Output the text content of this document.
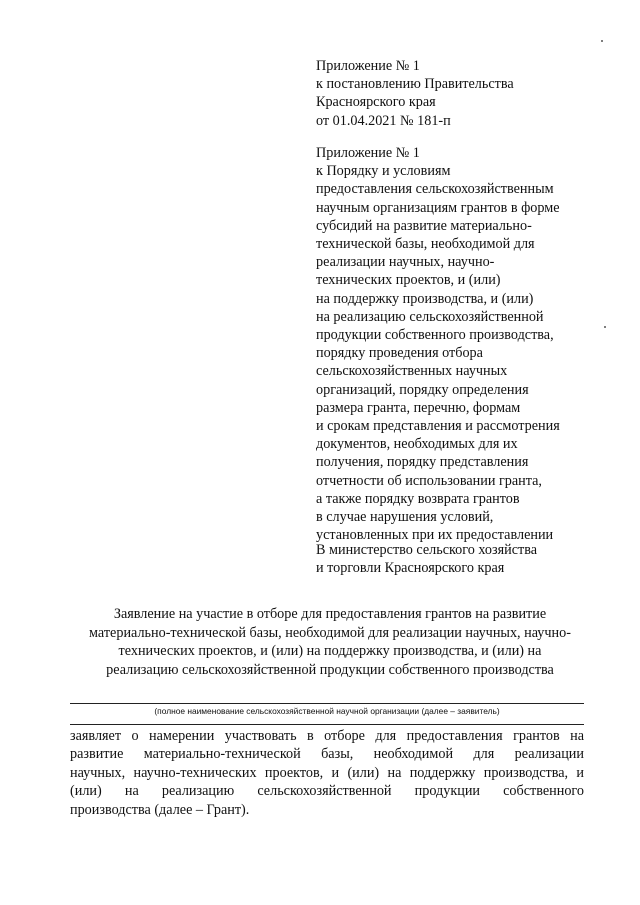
Приложение № 1
к постановлению Правительства
Красноярского края
от 01.04.2021 № 181-п
Приложение № 1
к Порядку и условиям
предоставления сельскохозяйственным
научным организациям грантов в форме
субсидий на развитие материально-
технической базы, необходимой для
реализации научных, научно-
технических проектов, и (или)
на поддержку производства, и (или)
на реализацию сельскохозяйственной
продукции собственного производства,
порядку проведения отбора
сельскохозяйственных научных
организаций, порядку определения
размера гранта, перечню, формам
и срокам представления и рассмотрения
документов, необходимых для их
получения, порядку представления
отчетности об использовании гранта,
а также порядку возврата грантов
в случае нарушения условий,
установленных при их предоставлении
В министерство сельского хозяйства
и торговли Красноярского края
Заявление на участие в отборе для предоставления грантов на развитие
материально-технической базы, необходимой для реализации научных, научно-
технических проектов, и (или) на поддержку производства, и (или) на
реализацию сельскохозяйственной продукции собственного производства
(полное наименование сельскохозяйственной научной организации (далее – заявитель)
заявляет о намерении участвовать в отборе для предоставления грантов на
развитие материально-технической базы, необходимой для реализации
научных, научно-технических проектов, и (или) на поддержку производства, и
(или) на реализацию сельскохозяйственной продукции собственного
производства (далее – Грант).
